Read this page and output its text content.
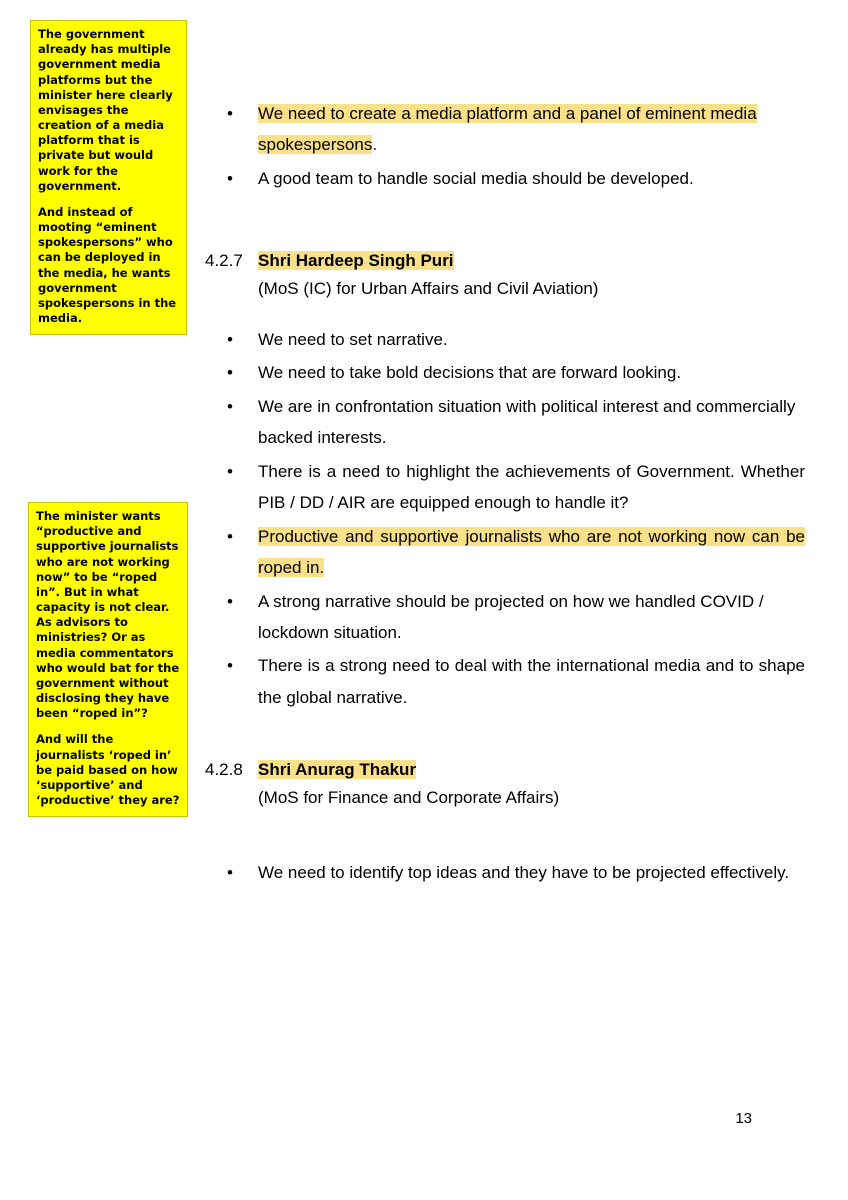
The government already has multiple government media platforms but the minister here clearly envisages the creation of a media platform that is private but would work for the government.

And instead of mooting “eminent spokespersons” who can be deployed in the media, he wants government spokespersons in the media.

The minister wants “productive and supportive journalists who are not working now” to be “roped in”. But in what capacity is not clear. As advisors to ministries? Or as media commentators who would bat for the government without disclosing they have been “roped in”?

And will the journalists ‘roped in’ be paid based on how ‘supportive’ and ‘productive’ they are?

• We need to create a media platform and a panel of eminent media spokespersons.
• A good team to handle social media should be developed.
4.2.7 Shri Hardeep Singh Puri
(MoS (IC) for Urban Affairs and Civil Aviation)
• We need to set narrative.
• We need to take bold decisions that are forward looking.
• We are in confrontation situation with political interest and commercially backed interests.
• There is a need to highlight the achievements of Government. Whether PIB / DD / AIR are equipped enough to handle it?
• Productive and supportive journalists who are not working now can be roped in.
• A strong narrative should be projected on how we handled COVID / lockdown situation.
• There is a strong need to deal with the international media and to shape the global narrative.
4.2.8 Shri Anurag Thakur
(MoS for Finance and Corporate Affairs)
• We need to identify top ideas and they have to be projected effectively.
13
